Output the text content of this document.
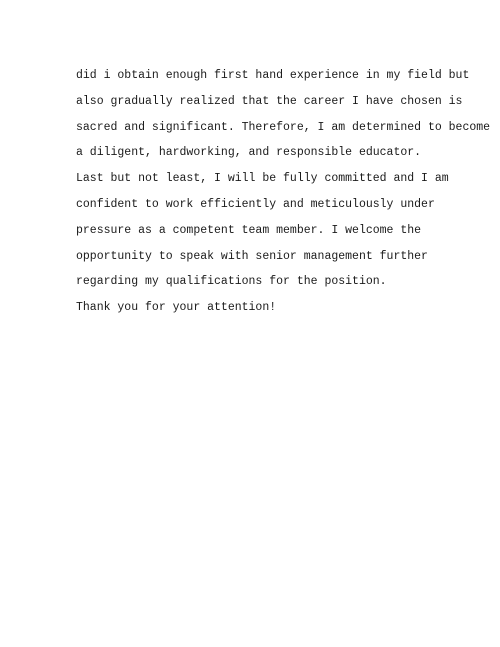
did i obtain enough first hand experience in my field but
also gradually realized that the career I have chosen is
sacred and significant. Therefore, I am determined to become
a diligent, hardworking, and responsible educator.
Last but not least, I will be fully committed and I am
confident to work efficiently and meticulously under
pressure as a competent team member. I welcome the
opportunity to speak with senior management further
regarding my qualifications for the position.
Thank you for your attention!
